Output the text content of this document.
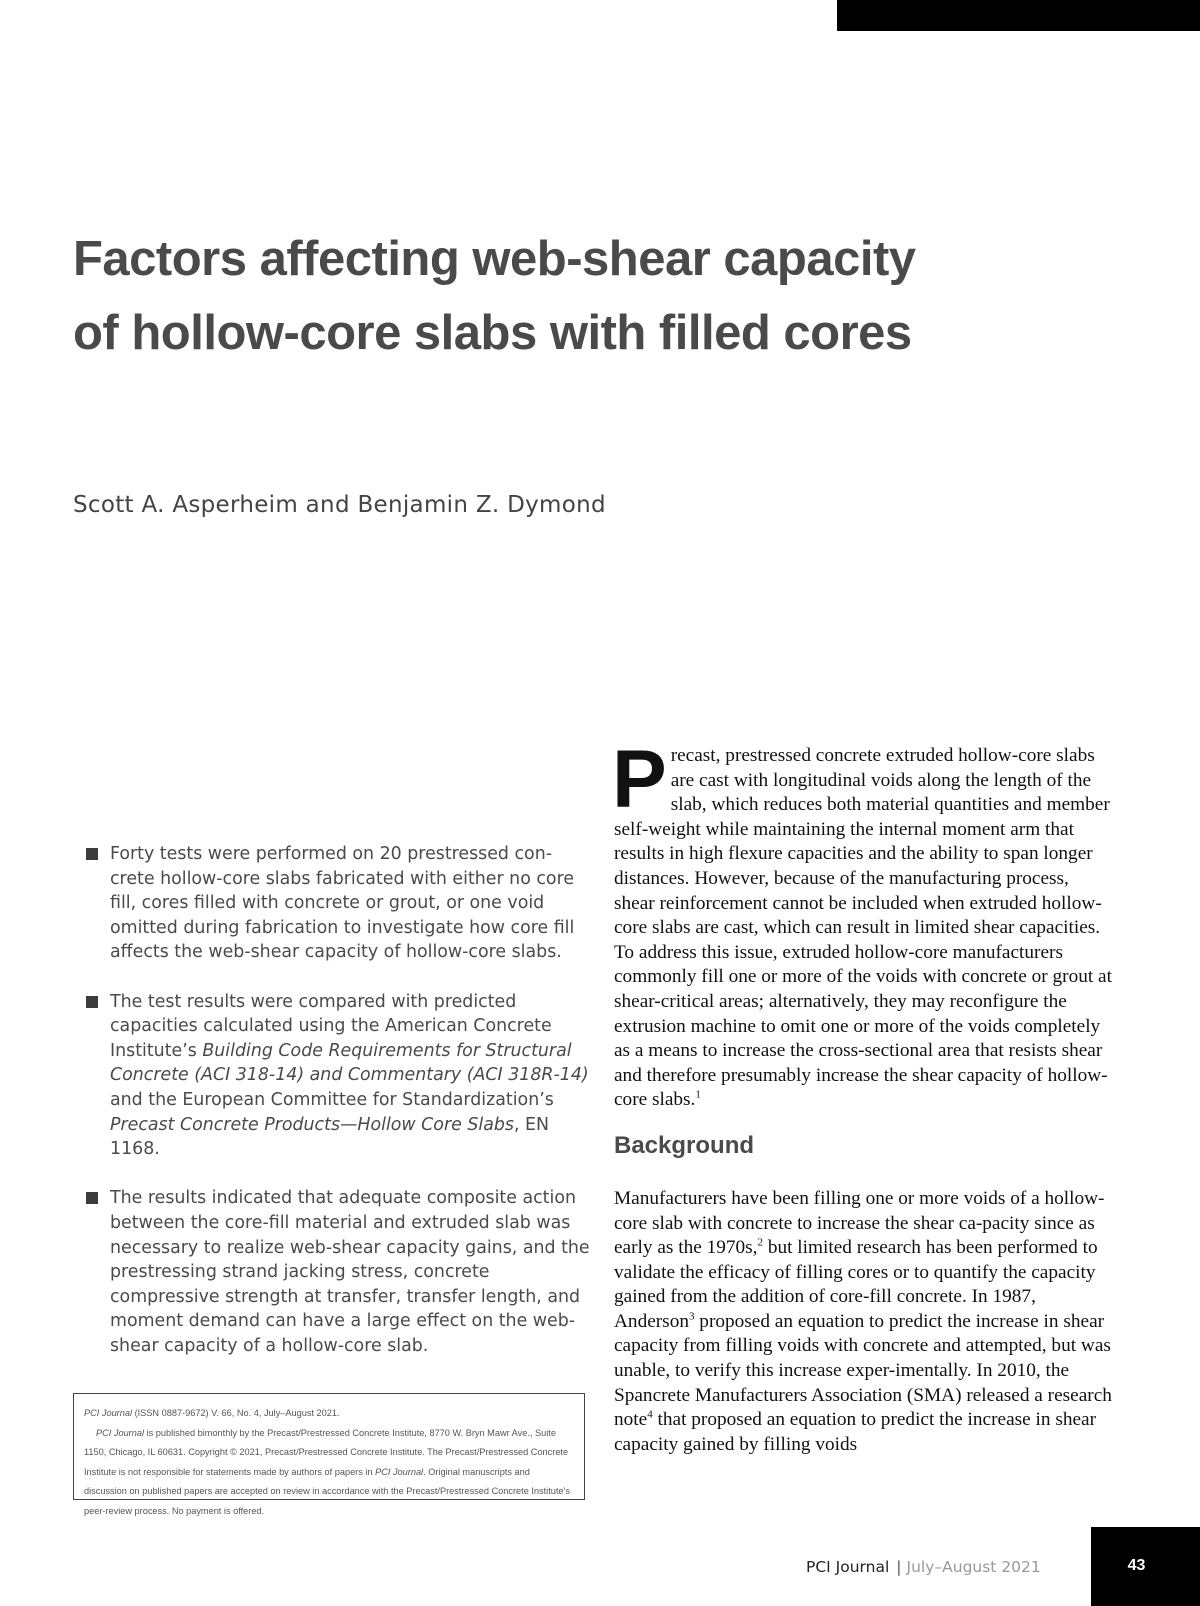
Factors affecting web-shear capacity
of hollow-core slabs with filled cores
Scott A. Asperheim and Benjamin Z. Dymond
Forty tests were performed on 20 prestressed con-crete hollow-core slabs fabricated with either no core fill, cores filled with concrete or grout, or one void omitted during fabrication to investigate how core fill affects the web-shear capacity of hollow-core slabs.
The test results were compared with predicted capacities calculated using the American Concrete Institute’s Building Code Requirements for Structural Concrete (ACI 318-14) and Commentary (ACI 318R-14) and the European Committee for Standardization’s Precast Concrete Products—Hollow Core Slabs, EN 1168.
The results indicated that adequate composite action between the core-fill material and extruded slab was necessary to realize web-shear capacity gains, and the prestressing strand jacking stress, concrete compressive strength at transfer, transfer length, and moment demand can have a large effect on the web-shear capacity of a hollow-core slab.

PCI Journal (ISSN 0887-9672) V. 66, No. 4, July–August 2021.

PCI Journal is published bimonthly by the Precast/Prestressed Concrete Institute, 8770 W. Bryn Mawr Ave., Suite 1150, Chicago, IL 60631. Copyright © 2021, Precast/Prestressed Concrete Institute. The Precast/Prestressed Concrete Institute is not responsible for statements made by authors of papers in PCI Journal. Original manuscripts and discussion on published papers are accepted on review in accordance with the Precast/Prestressed Concrete Institute’s peer-review process. No payment is offered.

Precast, prestressed concrete extruded hollow-core slabs are cast with longitudinal voids along the length of the slab, which reduces both material quantities and member self-weight while maintaining the internal moment arm that results in high flexure capacities and the ability to span longer distances. However, because of the manufacturing process, shear reinforcement cannot be included when extruded hollow-core slabs are cast, which can result in limited shear capacities. To address this issue, extruded hollow-core manufacturers commonly fill one or more of the voids with concrete or grout at shear-critical areas; alternatively, they may reconfigure the extrusion machine to omit one or more of the voids completely as a means to increase the cross-sectional area that resists shear and therefore presumably increase the shear capacity of hollow-core slabs.$^1$

Background

Manufacturers have been filling one or more voids of a hollow-core slab with concrete to increase the shear ca-pacity since as early as the 1970s,$^2$ but limited research has been performed to validate the efficacy of filling cores or to quantify the capacity gained from the addition of core-fill concrete. In 1987, Anderson$^3$ proposed an equation to predict the increase in shear capacity from filling voids with concrete and attempted, but was unable, to verify this increase exper-imentally. In 2010, the Spancrete Manufacturers Association (SMA) released a research note$^4$ that proposed an equation to predict the increase in shear capacity gained by filling voids

PCI Journal | July–August 2021	43
